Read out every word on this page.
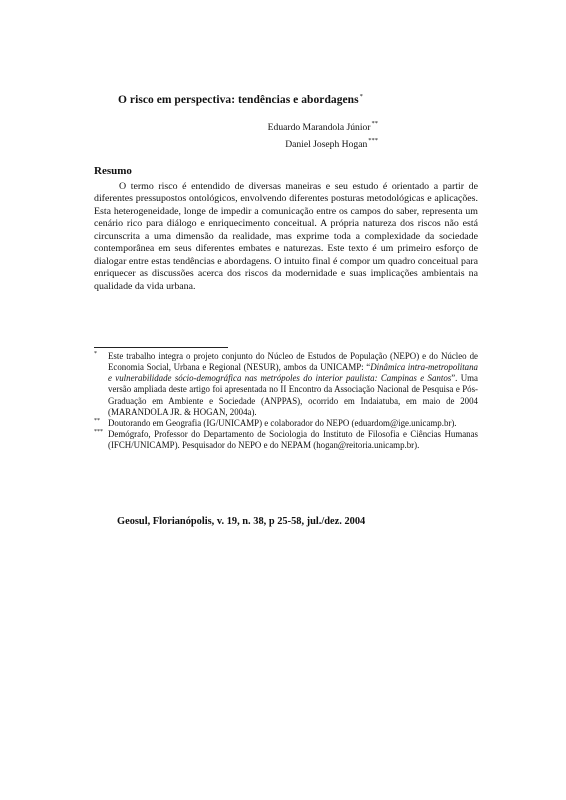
O risco em perspectiva: tendências e abordagens*
Eduardo Marandola Júnior**
Daniel Joseph Hogan***
Resumo

O termo risco é entendido de diversas maneiras e seu estudo é orientado a partir de diferentes pressupostos ontológicos, envolvendo diferentes posturas metodológicas e aplicações. Esta heterogeneidade, longe de impedir a comunicação entre os campos do saber, representa um cenário rico para diálogo e enriquecimento conceitual. A própria natureza dos riscos não está circunscrita a uma dimensão da realidade, mas exprime toda a complexidade da sociedade contemporânea em seus diferentes embates e naturezas. Este texto é um primeiro esforço de dialogar entre estas tendências e abordagens. O intuito final é compor um quadro conceitual para enriquecer as discussões acerca dos riscos da modernidade e suas implicações ambientais na qualidade da vida urbana.

* Este trabalho integra o projeto conjunto do Núcleo de Estudos de População (NEPO) e do Núcleo de Economia Social, Urbana e Regional (NESUR), ambos da UNICAMP: “Dinâmica intra-metropolitana e vulnerabilidade sócio-demográfica nas metrópoles do interior paulista: Campinas e Santos”. Uma versão ampliada deste artigo foi apresentada no II Encontro da Associação Nacional de Pesquisa e Pós-Graduação em Ambiente e Sociedade (ANPPAS), ocorrido em Indaiatuba, em maio de 2004 (MARANDOLA JR. & HOGAN, 2004a).

** Doutorando em Geografia (IG/UNICAMP) e colaborador do NEPO (eduardom@ige.unicamp.br).

*** Demógrafo, Professor do Departamento de Sociologia do Instituto de Filosofia e Ciências Humanas (IFCH/UNICAMP). Pesquisador do NEPO e do NEPAM (hogan@reitoria.unicamp.br).

Geosul, Florianópolis, v. 19, n. 38, p 25-58, jul./dez. 2004
